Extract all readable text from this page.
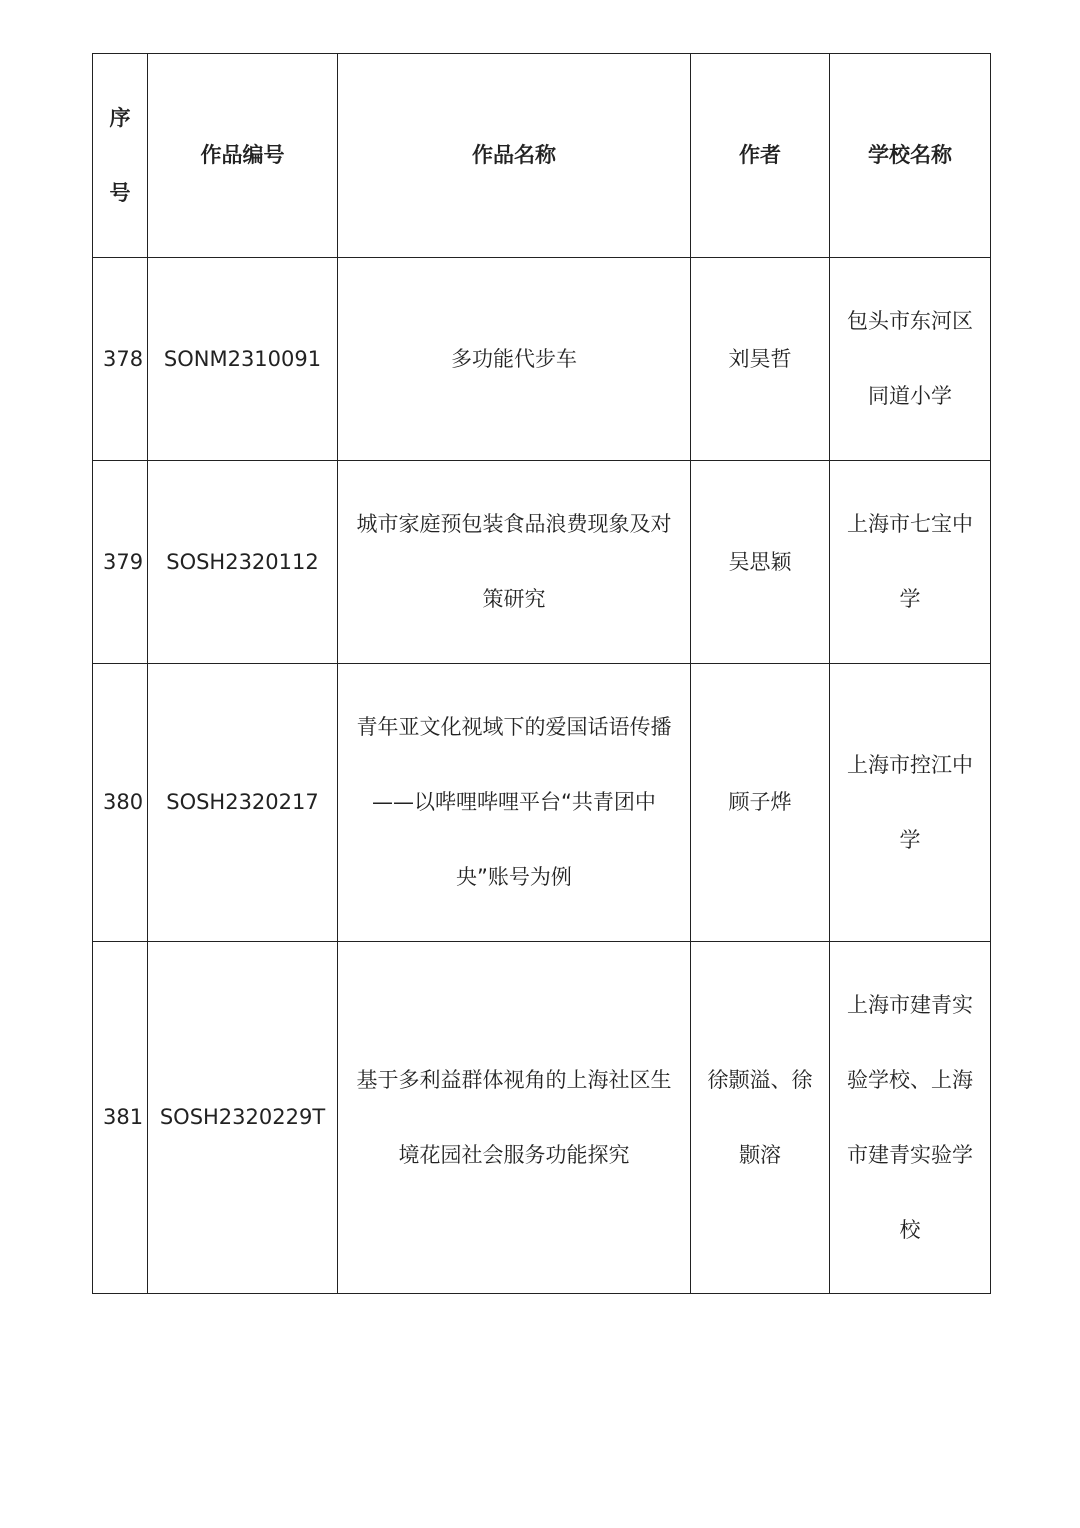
序号	作品编号	作品名称	作者	学校名称
378	SONM2310091	多功能代步车	刘昊哲	包头市东河区同道小学
379	SOSH2320112	城市家庭预包装食品浪费现象及对策研究	吴思颖	上海市七宝中学
380	SOSH2320217	青年亚文化视域下的爱国话语传播——以哔哩哔哩平台“共青团中央”账号为例	顾子烨	上海市控江中学
381	SOSH2320229T	基于多利益群体视角的上海社区生境花园社会服务功能探究	徐颢溢、徐颢溶	上海市建青实验学校、上海市建青实验学校
